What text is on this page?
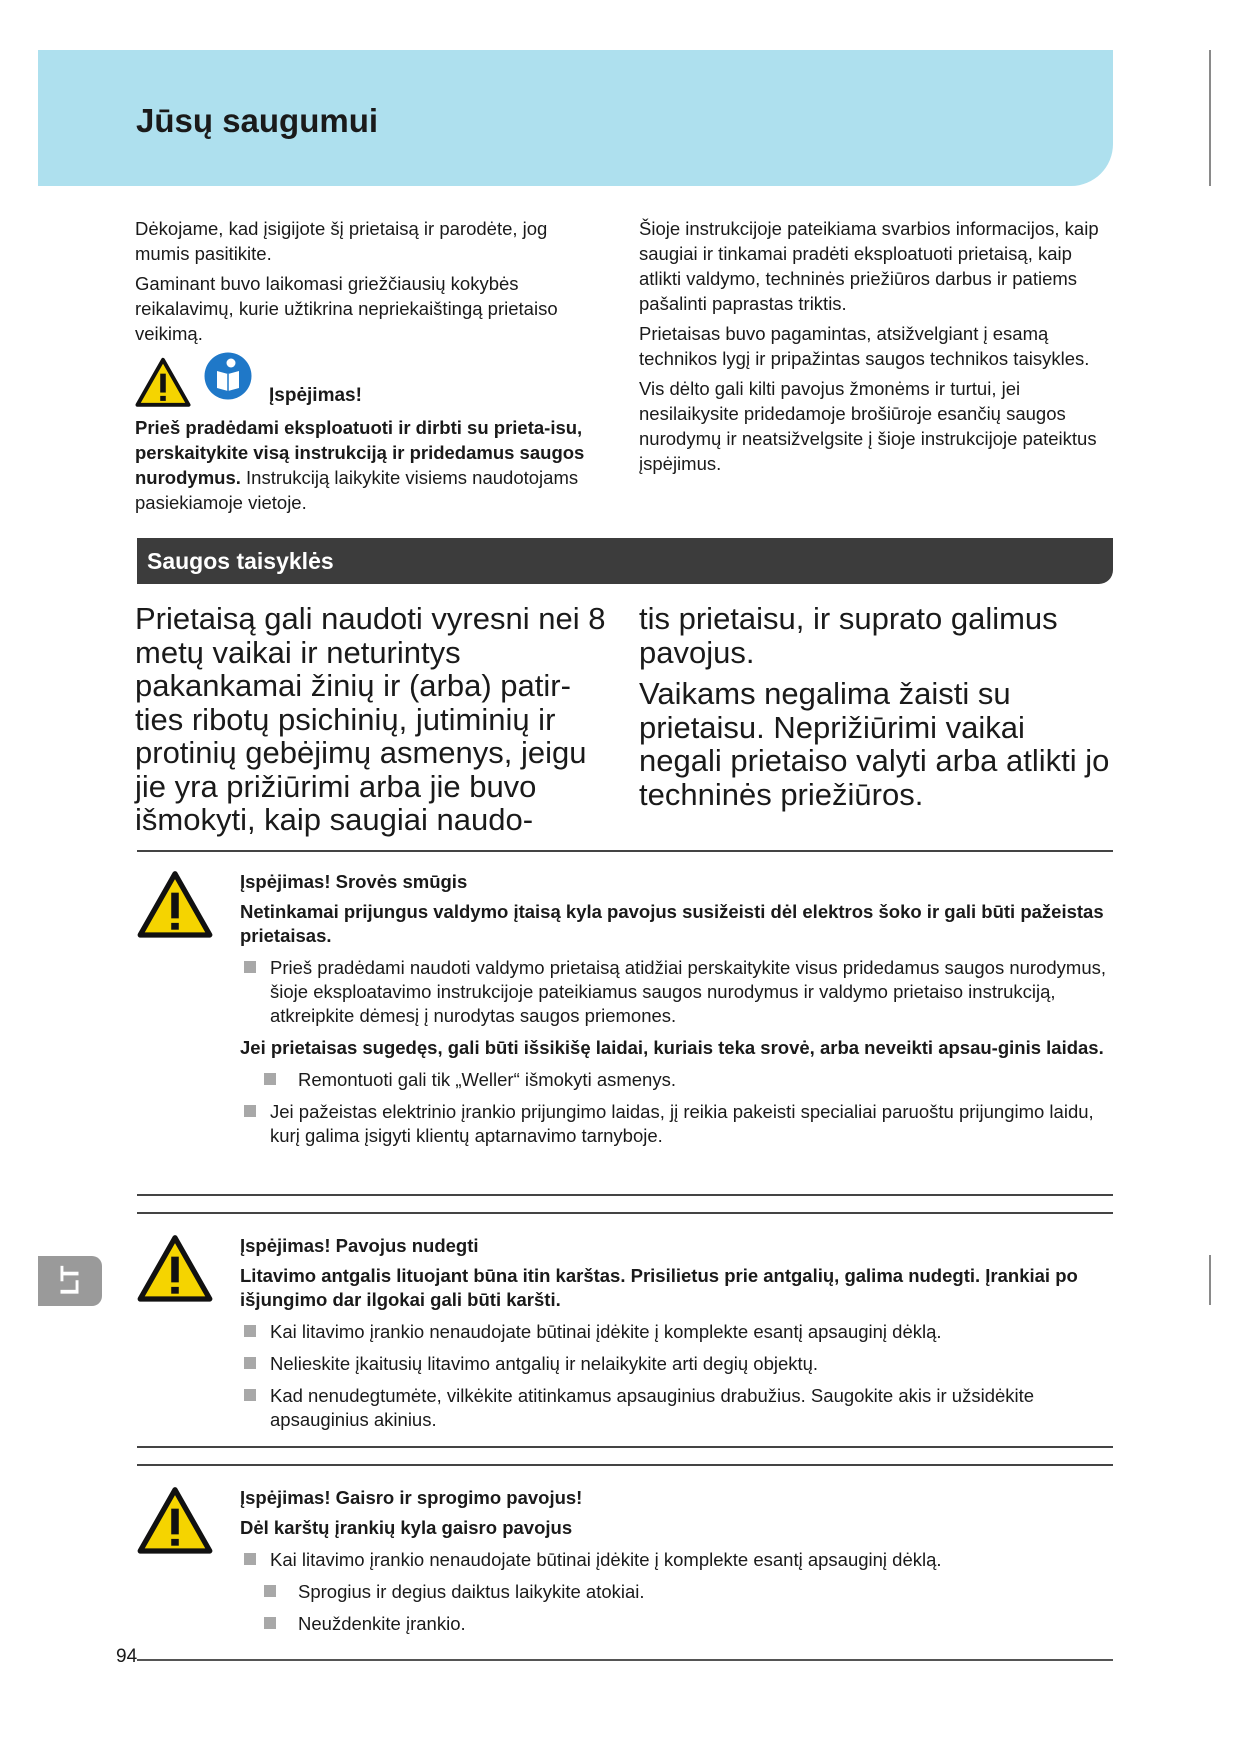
Jūsų saugumui

Dėkojame, kad įsigijote šį prietaisą ir parodėte, jog mumis pasitikite.

Gaminant buvo laikomasi griežčiausių kokybės reikalavimų, kurie užtikrina nepriekaištingą prietaiso veikimą.

Įspėjimas!

Prieš pradėdami eksploatuoti ir dirbti su prieta-isu, perskaitykite visą instrukciją ir pridedamus saugos nurodymus. Instrukciją laikykite visiems naudotojams pasiekiamoje vietoje.

Šioje instrukcijoje pateikiama svarbios informacijos, kaip saugiai ir tinkamai pradėti eksploatuoti prietaisą, kaip atlikti valdymo, techninės priežiūros darbus ir patiems pašalinti paprastas triktis.

Prietaisas buvo pagamintas, atsižvelgiant į esamą technikos lygį ir pripažintas saugos technikos taisykles.

Vis dėlto gali kilti pavojus žmonėms ir turtui, jei nesilaikysite pridedamoje brošiūroje esančių saugos nurodymų ir neatsižvelgsite į šioje instrukcijoje pateiktus įspėjimus.

Saugos taisyklės

Prietaisą gali naudoti vyresni nei 8 metų vaikai ir neturintys pakankamai žinių ir (arba) patir-ties ribotų psichinių, jutiminių ir protinių gebėjimų asmenys, jeigu jie yra prižiūrimi arba jie buvo išmokyti, kaip saugiai naudo-

tis prietaisu, ir suprato galimus pavojus.

Vaikams negalima žaisti su prietaisu. Neprižiūrimi vaikai negali prietaiso valyti arba atlikti jo techninės priežiūros.

Įspėjimas! Srovės smūgis
Netinkamai prijungus valdymo įtaisą kyla pavojus susižeisti dėl elektros šoko ir gali būti pažeistas prietaisas.
Prieš pradėdami naudoti valdymo prietaisą atidžiai perskaitykite visus pridedamus saugos nurodymus, šioje eksploatavimo instrukcijoje pateikiamus saugos nurodymus ir valdymo prietaiso instrukciją, atkreipkite dėmesį į nurodytas saugos priemones.
Jei prietaisas sugedęs, gali būti išsikišę laidai, kuriais teka srovė, arba neveikti apsau-ginis laidas.
Remontuoti gali tik „Weller“ išmokyti asmenys.
Jei pažeistas elektrinio įrankio prijungimo laidas, jį reikia pakeisti specialiai paruoštu prijungimo laidu, kurį galima įsigyti klientų aptarnavimo tarnyboje.
Įspėjimas! Pavojus nudegti
Litavimo antgalis lituojant būna itin karštas. Prisilietus prie antgalių, galima nudegti. Įrankiai po išjungimo dar ilgokai gali būti karšti.
Kai litavimo įrankio nenaudojate būtinai įdėkite į komplekte esantį apsauginį dėklą.
Nelieskite įkaitusių litavimo antgalių ir nelaikykite arti degių objektų.
Kad nenudegtumėte, vilkėkite atitinkamus apsauginius drabužius. Saugokite akis ir užsidėkite apsauginius akinius.
Įspėjimas! Gaisro ir sprogimo pavojus!
Dėl karštų įrankių kyla gaisro pavojus
Kai litavimo įrankio nenaudojate būtinai įdėkite į komplekte esantį apsauginį dėklą.
Sprogius ir degius daiktus laikykite atokiai.
Neuždenkite įrankio.
LT
94
